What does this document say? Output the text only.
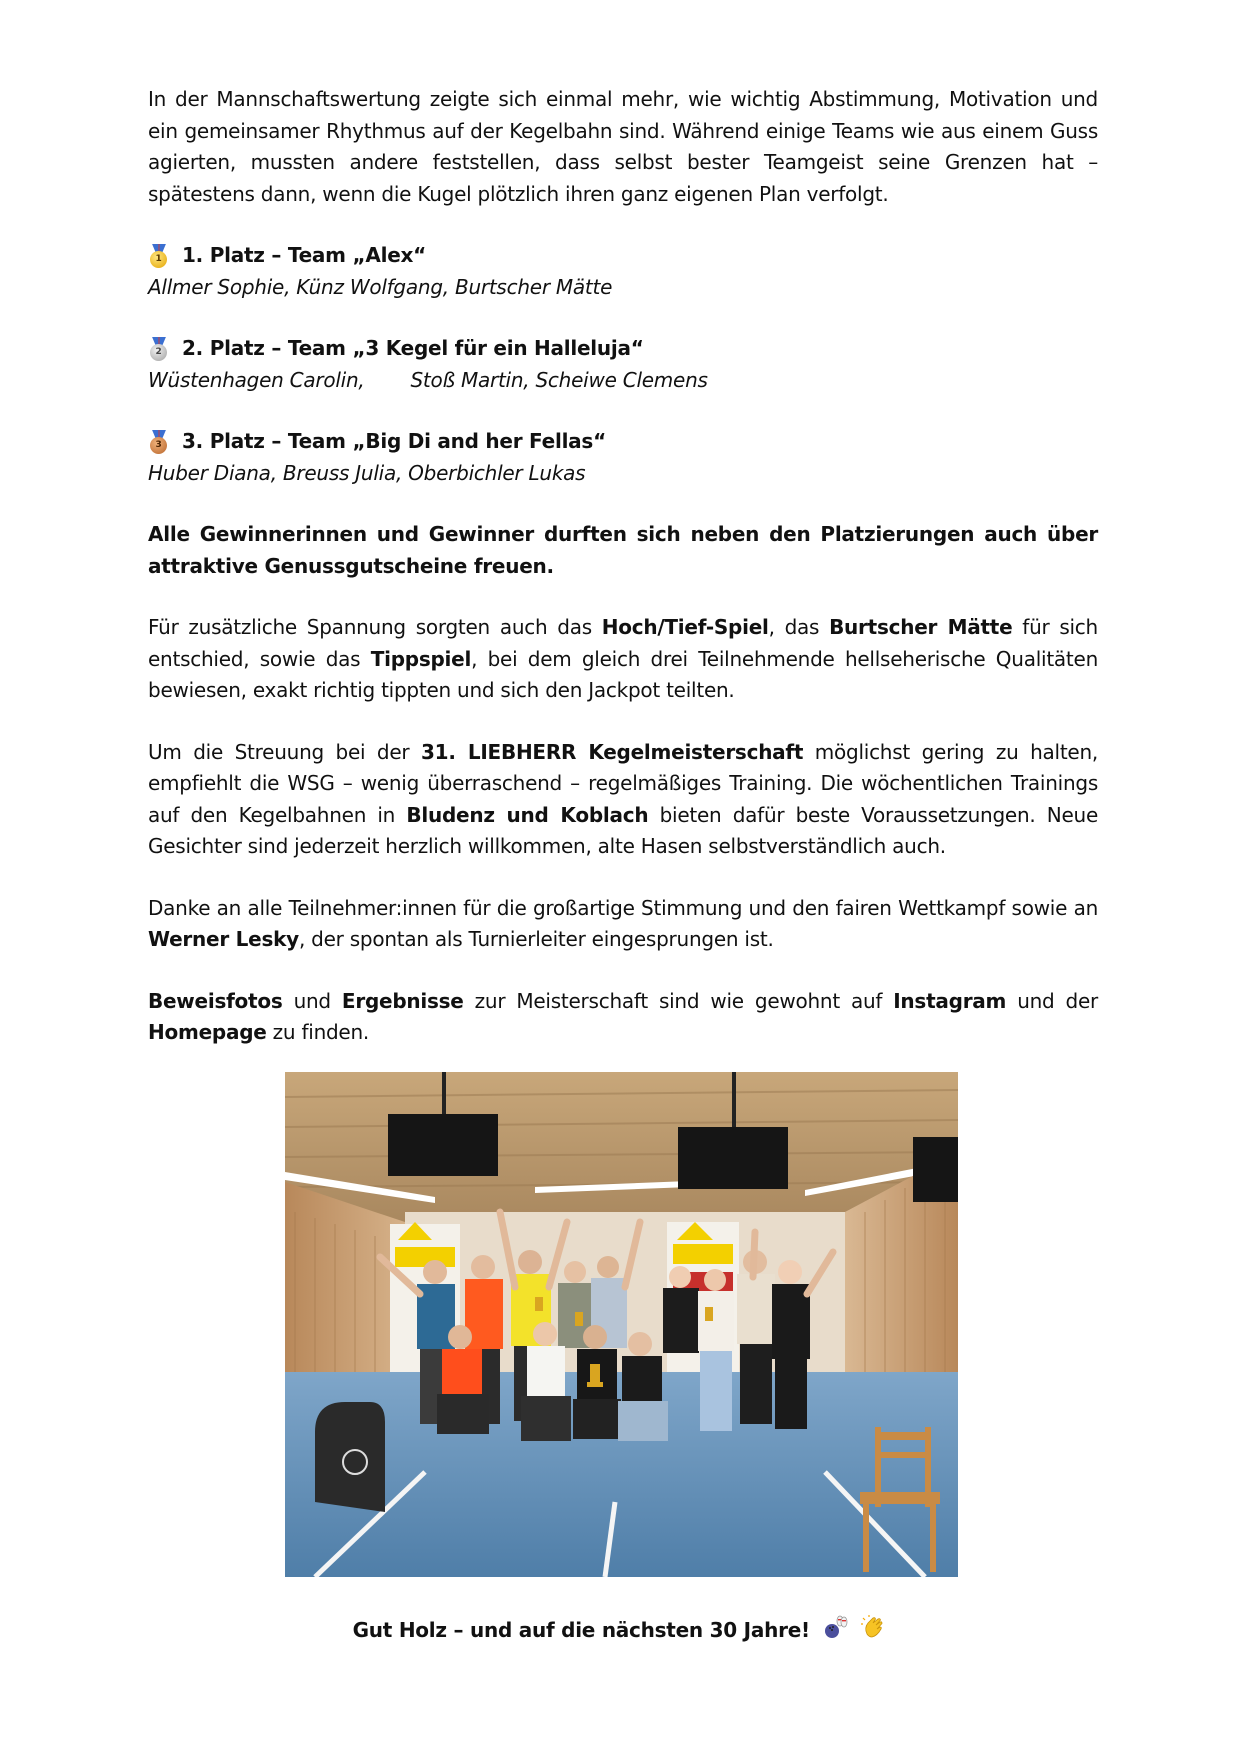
In der Mannschaftswertung zeigte sich einmal mehr, wie wichtig Abstimmung, Motivation und ein gemeinsamer Rhythmus auf der Kegelbahn sind. Während einige Teams wie aus einem Guss agierten, mussten andere feststellen, dass selbst bester Teamgeist seine Grenzen hat – spätestens dann, wenn die Kugel plötzlich ihren ganz eigenen Plan verfolgt.

1 1. Platz – Team „Alex“
Allmer Sophie, Künz Wolfgang, Burtscher Mätte
2 2. Platz – Team „3 Kegel für ein Halleluja“
Wüstenhagen Carolin, Stoß Martin, Scheiwe Clemens
3 3. Platz – Team „Big Di and her Fellas“
Huber Diana, Breuss Julia, Oberbichler Lukas

Alle Gewinnerinnen und Gewinner durften sich neben den Platzierungen auch über attraktive Genussgutscheine freuen.

Für zusätzliche Spannung sorgten auch das Hoch/Tief-Spiel, das Burtscher Mätte für sich entschied, sowie das Tippspiel, bei dem gleich drei Teilnehmende hellseherische Qualitäten bewiesen, exakt richtig tippten und sich den Jackpot teilten.

Um die Streuung bei der 31. LIEBHERR Kegelmeisterschaft möglichst gering zu halten, empfiehlt die WSG – wenig überraschend – regelmäßiges Training. Die wöchentlichen Trainings auf den Kegelbahnen in Bludenz und Koblach bieten dafür beste Voraussetzungen. Neue Gesichter sind jederzeit herzlich willkommen, alte Hasen selbstverständlich auch.

Danke an alle Teilnehmer:innen für die großartige Stimmung und den fairen Wettkampf sowie an Werner Lesky, der spontan als Turnierleiter eingesprungen ist.

Beweisfotos und Ergebnisse zur Meisterschaft sind wie gewohnt auf Instagram und der Homepage zu finden.

Gut Holz – und auf die nächsten 30 Jahre!
